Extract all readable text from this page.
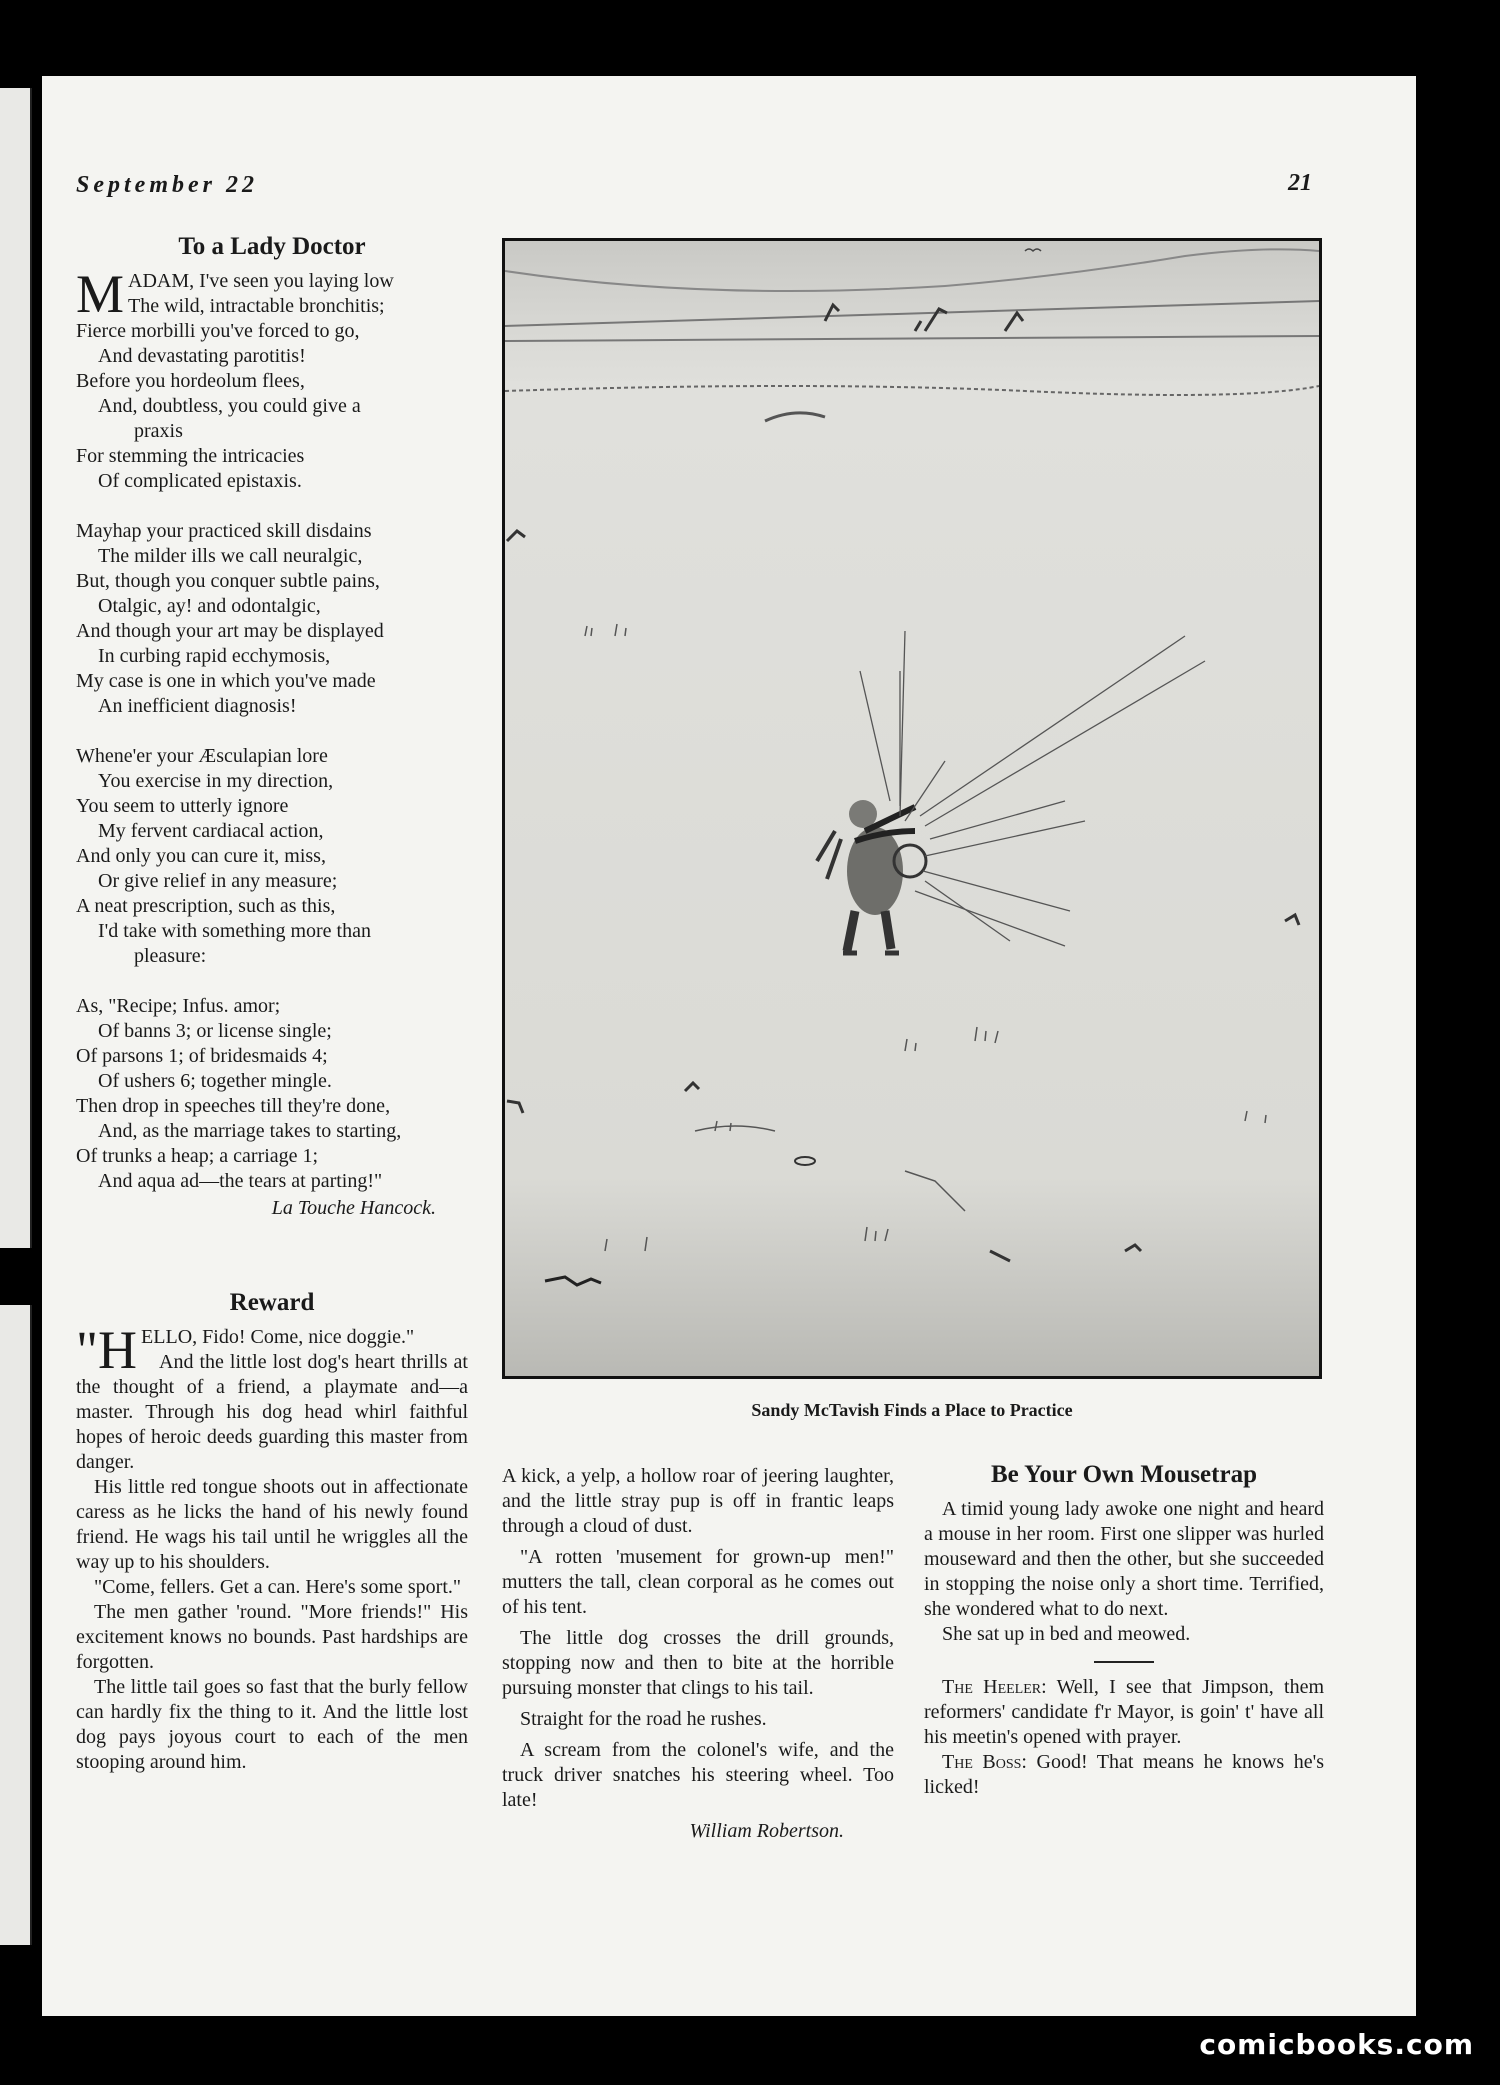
September 22	21
To a Lady Doctor
MADAM, I've seen you laying low
The wild, intractable bronchitis;
Fierce morbilli you've forced to go,
And devastating parotitis!
Before you hordeolum flees,
And, doubtless, you could give a
praxis
For stemming the intricacies
Of complicated epistaxis.
Mayhap your practiced skill disdains
The milder ills we call neuralgic,
But, though you conquer subtle pains,
Otalgic, ay! and odontalgic,
And though your art may be displayed
In curbing rapid ecchymosis,
My case is one in which you've made
An inefficient diagnosis!
Whene'er your Æsculapian lore
You exercise in my direction,
You seem to utterly ignore
My fervent cardiacal action,
And only you can cure it, miss,
Or give relief in any measure;
A neat prescription, such as this,
I'd take with something more than
pleasure:
As, "Recipe; Infus. amor;
Of banns 3; or license single;
Of parsons 1; of bridesmaids 4;
Of ushers 6; together mingle.
Then drop in speeches till they're done,
And, as the marriage takes to starting,
Of trunks a heap; a carriage 1;
And aqua ad—the tears at parting!"
La Touche Hancock.
Reward

"HELLO, Fido! Come, nice doggie."

And the little lost dog's heart thrills at the thought of a friend, a playmate and—a master. Through his dog head whirl faithful hopes of heroic deeds guarding this master from danger.

His little red tongue shoots out in affectionate caress as he licks the hand of his newly found friend. He wags his tail until he wriggles all the way up to his shoulders.

"Come, fellers. Get a can. Here's some sport."

The men gather 'round. "More friends!" His excitement knows no bounds. Past hardships are forgotten.

The little tail goes so fast that the burly fellow can hardly fix the thing to it. And the little lost dog pays joyous court to each of the men stooping around him.

Sandy McTavish Finds a Place to Practice

A kick, a yelp, a hollow roar of jeering laughter, and the little stray pup is off in frantic leaps through a cloud of dust.

"A rotten 'musement for grown-up men!" mutters the tall, clean corporal as he comes out of his tent.

The little dog crosses the drill grounds, stopping now and then to bite at the horrible pursuing monster that clings to his tail.

Straight for the road he rushes.

A scream from the colonel's wife, and the truck driver snatches his steering wheel. Too late!

William Robertson.
Be Your Own Mousetrap

A timid young lady awoke one night and heard a mouse in her room. First one slipper was hurled mouseward and then the other, but she succeeded in stopping the noise only a short time. Terrified, she wondered what to do next.

She sat up in bed and meowed.

The Heeler: Well, I see that Jimpson, them reformers' candidate f'r Mayor, is goin' t' have all his meetin's opened with prayer.

The Boss: Good! That means he knows he's licked!

comicbooks.com
